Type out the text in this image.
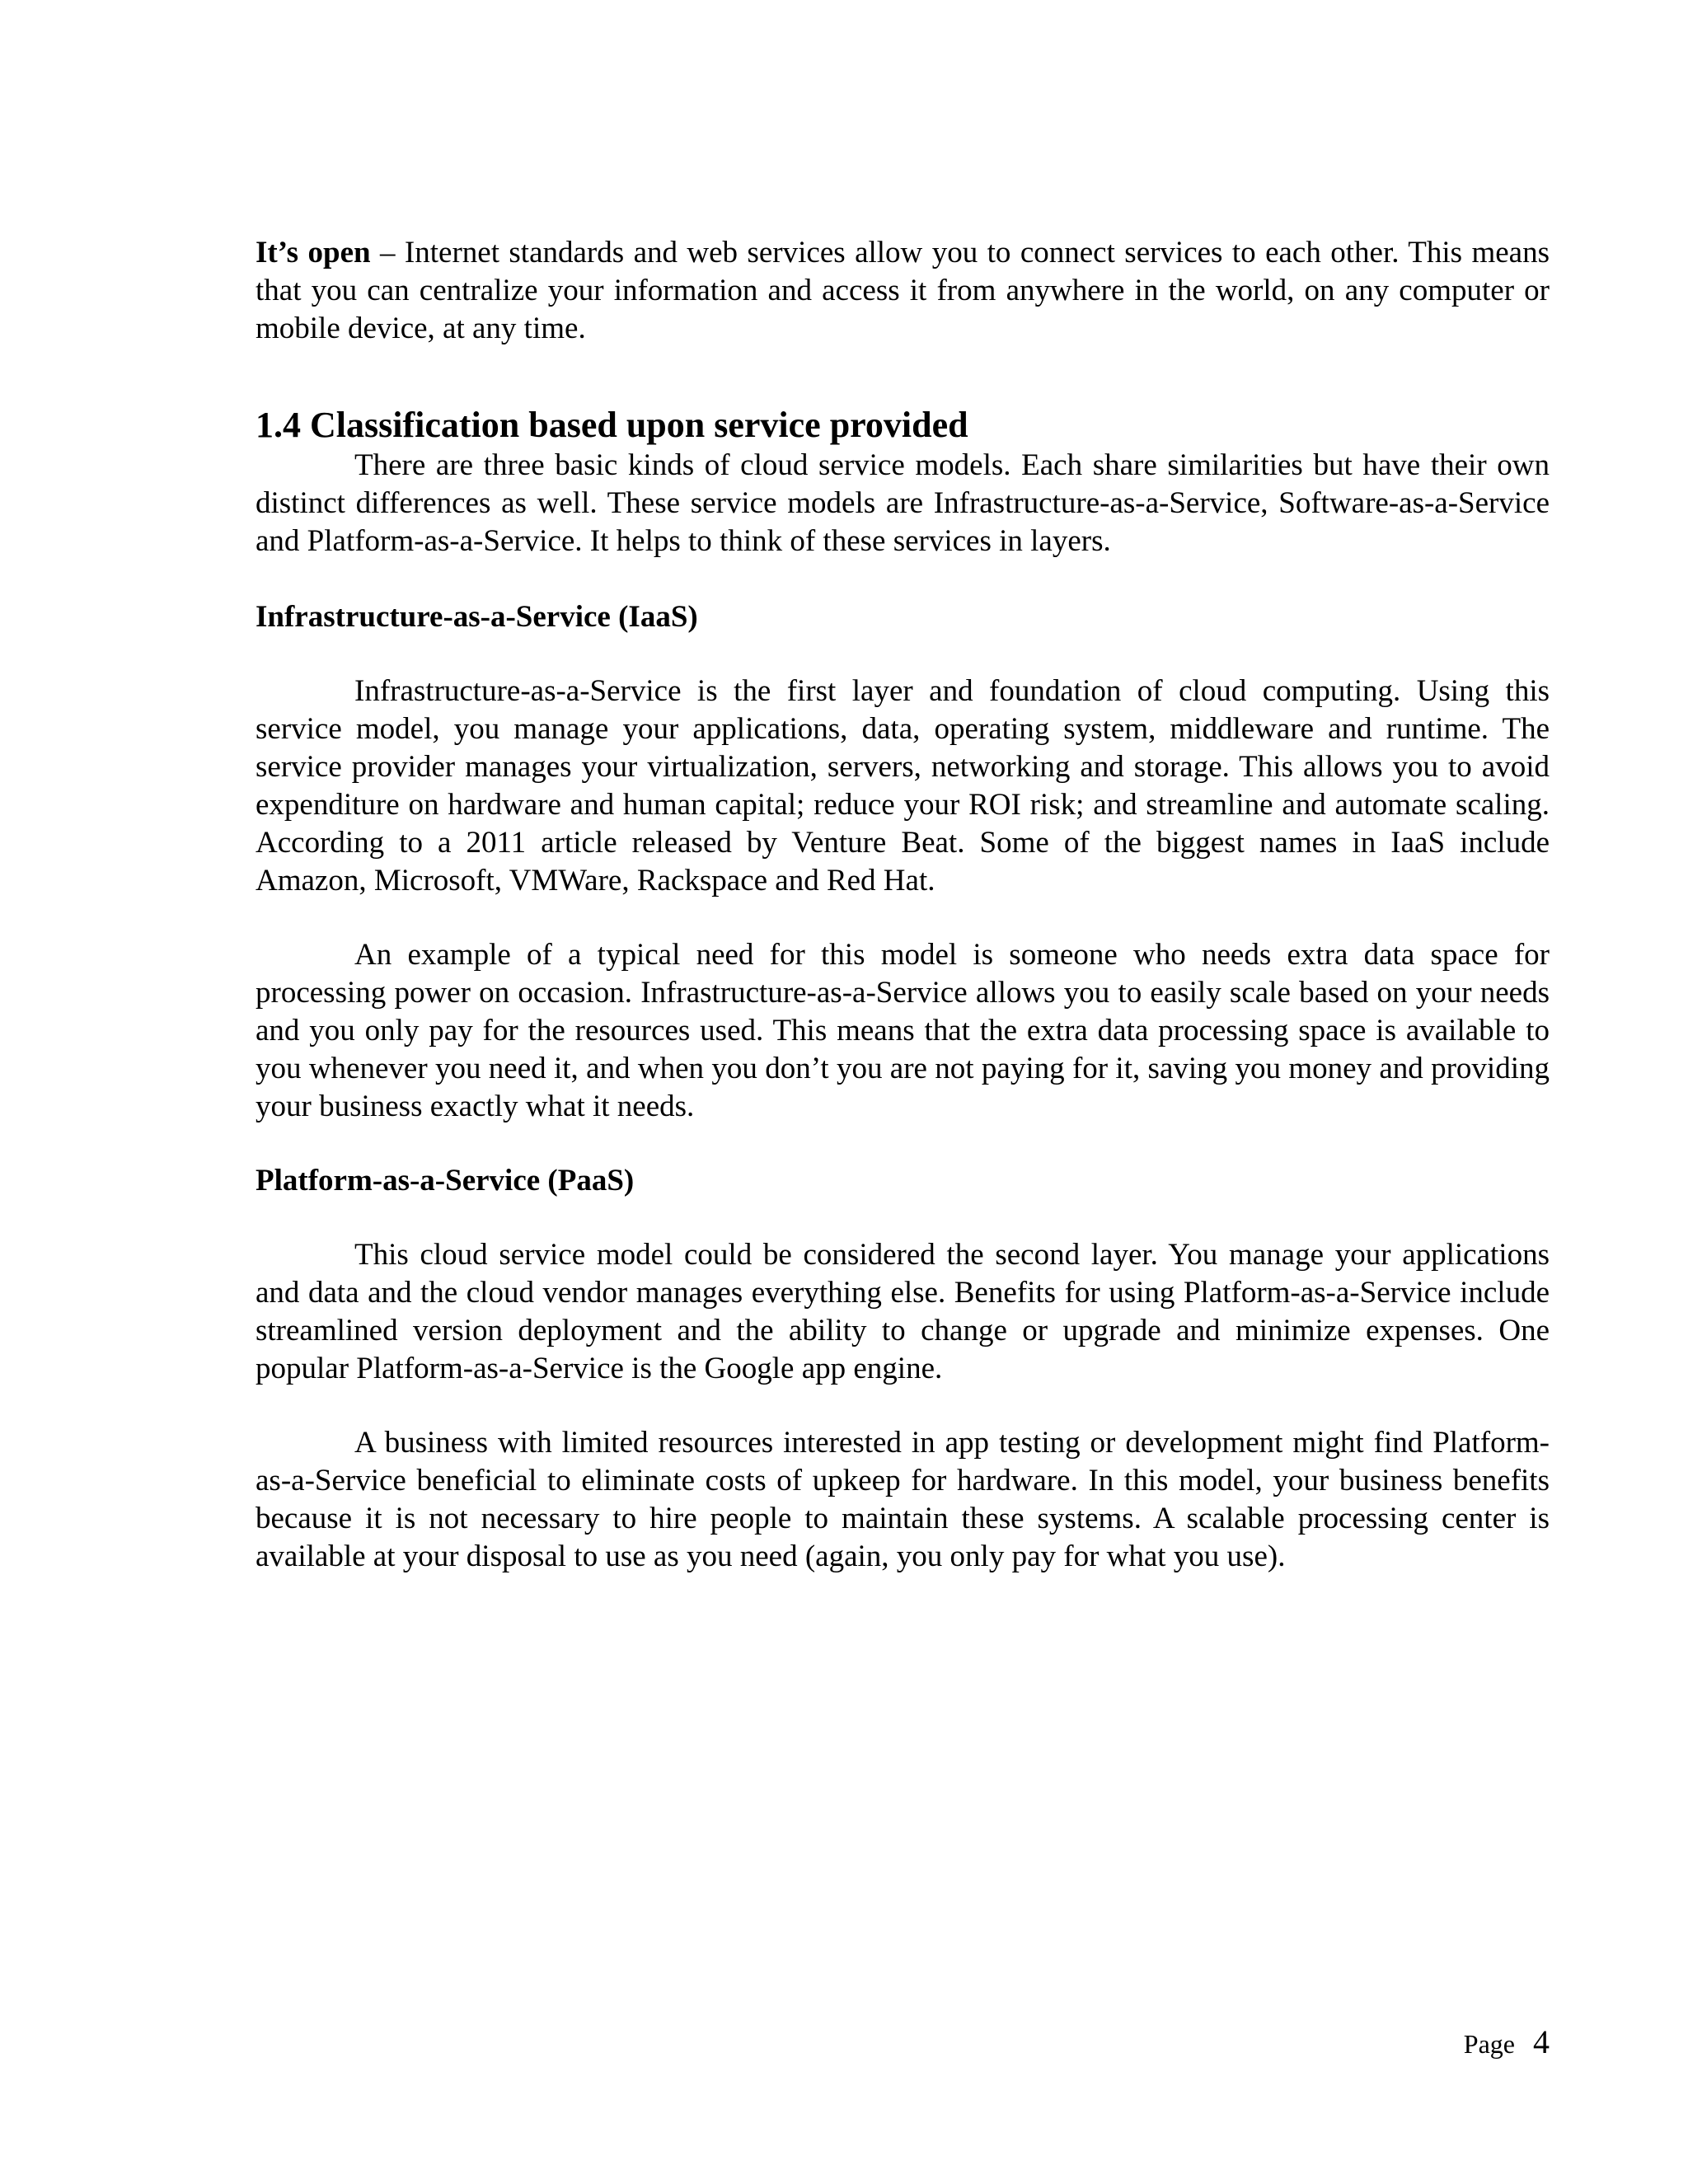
It’s open – Internet standards and web services allow you to connect services to each other. This means that you can centralize your information and access it from anywhere in the world, on any computer or mobile device, at any time.

1.4 Classification based upon service provided

There are three basic kinds of cloud service models. Each share similarities but have their own distinct differences as well. These service models are Infrastructure-as-a-Service, Software-as-a-Service and Platform-as-a-Service. It helps to think of these services in layers.

Infrastructure-as-a-Service (IaaS)

Infrastructure-as-a-Service is the first layer and foundation of cloud computing. Using this service model, you manage your applications, data, operating system, middleware and runtime. The service provider manages your virtualization, servers, networking and storage. This allows you to avoid expenditure on hardware and human capital; reduce your ROI risk; and streamline and automate scaling. According to a 2011 article released by Venture Beat. Some of the biggest names in IaaS include Amazon, Microsoft, VMWare, Rackspace and Red Hat.

An example of a typical need for this model is someone who needs extra data space for processing power on occasion. Infrastructure-as-a-Service allows you to easily scale based on your needs and you only pay for the resources used. This means that the extra data processing space is available to you whenever you need it, and when you don’t you are not paying for it, saving you money and providing your business exactly what it needs.

Platform-as-a-Service (PaaS)

This cloud service model could be considered the second layer. You manage your applications and data and the cloud vendor manages everything else. Benefits for using Platform-as-a-Service include streamlined version deployment and the ability to change or upgrade and minimize expenses. One popular Platform-as-a-Service is the Google app engine.

A business with limited resources interested in app testing or development might find Platform-as-a-Service beneficial to eliminate costs of upkeep for hardware. In this model, your business benefits because it is not necessary to hire people to maintain these systems. A scalable processing center is available at your disposal to use as you need (again, you only pay for what you use).

Page 4
